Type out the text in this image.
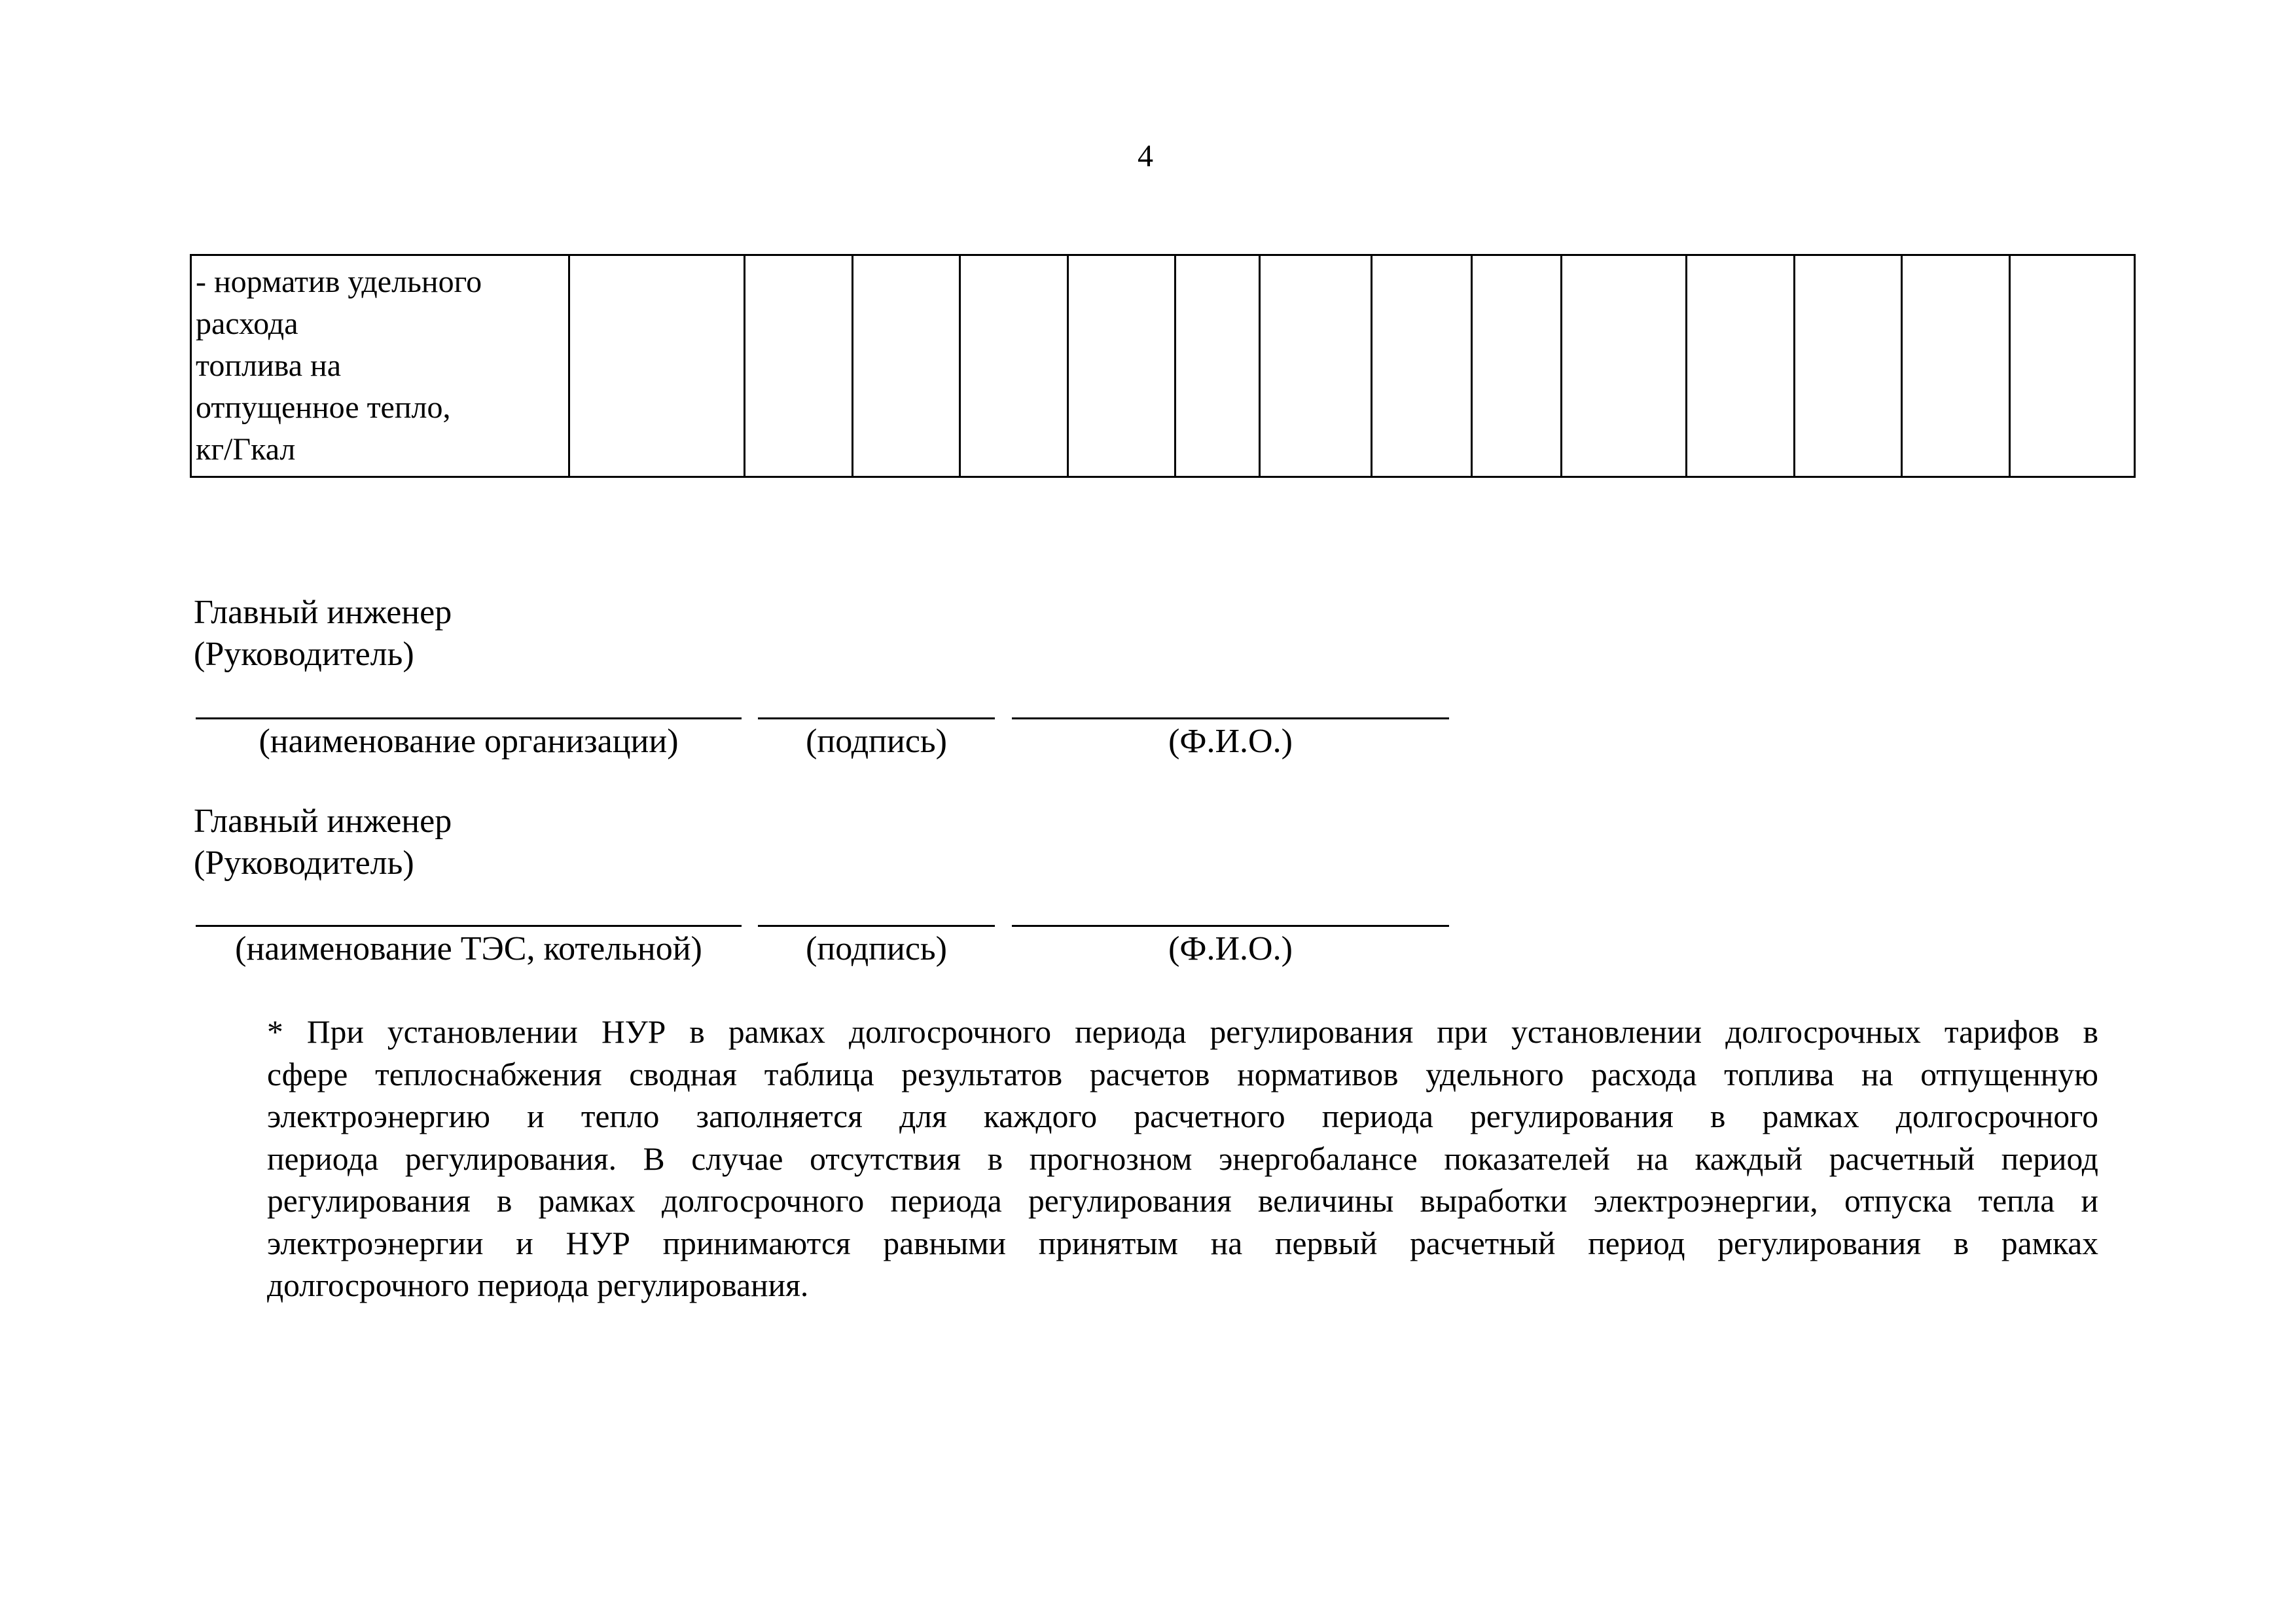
4
- норматив удельного
расхода
топлива на
отпущенное тепло,
кг/Гкал

Главный инженер
(Руководитель)
(наименование организации)	(подпись)	(Ф.И.О.)
Главный инженер
(Руководитель)
(наименование ТЭС, котельной)	(подпись)	(Ф.И.О.)
* При установлении НУР в рамках долгосрочного периода регулирования при установлении долгосрочных тарифов в
сфере теплоснабжения сводная таблица результатов расчетов нормативов удельного расхода топлива на отпущенную
электроэнергию и тепло заполняется для каждого расчетного периода регулирования в рамках долгосрочного
периода регулирования. В случае отсутствия в прогнозном энергобалансе показателей на каждый расчетный период
регулирования в рамках долгосрочного периода регулирования величины выработки электроэнергии, отпуска тепла и
электроэнергии и НУР принимаются равными принятым на первый расчетный период регулирования в рамках
долгосрочного периода регулирования.
